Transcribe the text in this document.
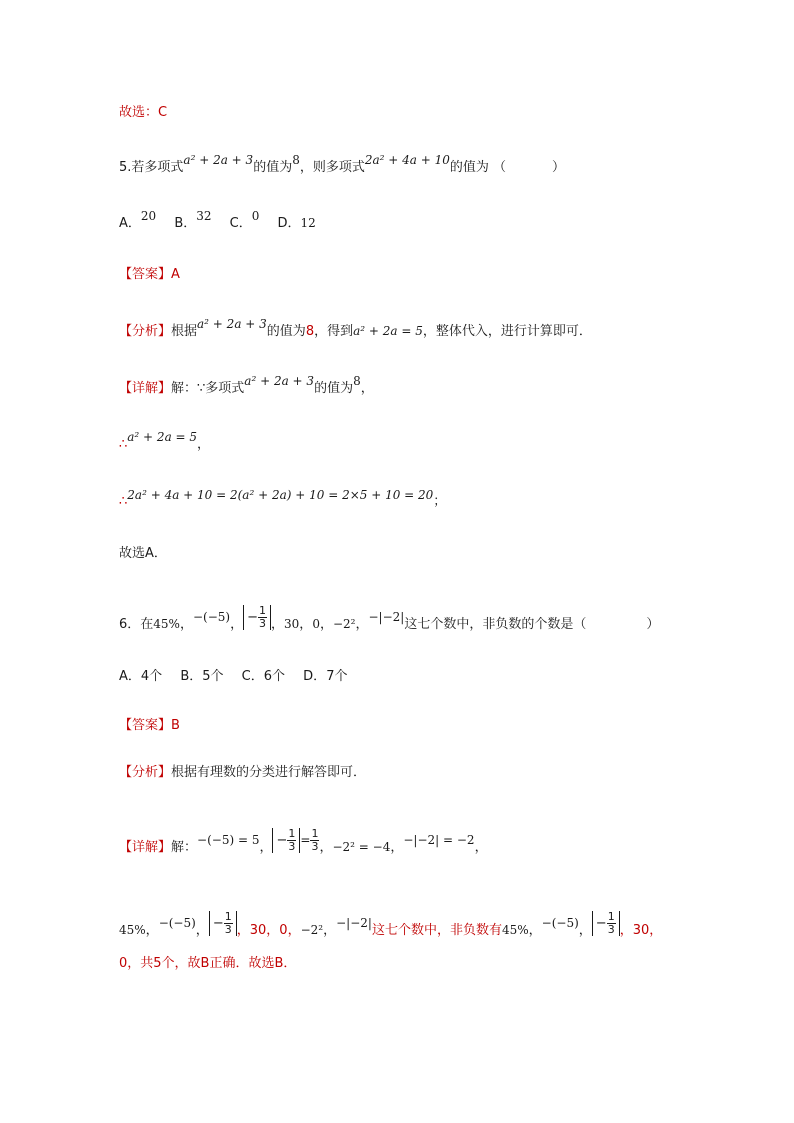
故选：C
5.若多项式a² + 2a + 3的值为8，则多项式2a² + 4a + 10的值为 （	）
A．20 B．32 C．0 D．12
【答案】A
【分析】根据a² + 2a + 3的值为8，得到a² + 2a = 5，整体代入，进行计算即可．
【详解】解：∵多项式a² + 2a + 3的值为8，
∴a² + 2a = 5，
∴2a² + 4a + 10 = 2(a² + 2a) + 10 = 2×5 + 10 = 20；
故选A．
6．在45%，−(−5)， − $\frac{1}{3}$ ，30，0，−2²，−|−2|这七个数中，非负数的个数是（	）
A．4个 B．5个 C．6个 D．7个
【答案】B
【分析】根据有理数的分类进行解答即可．
【详解】解：−(−5) = 5， − $\frac{1}{3} = \frac{1}{3}$ ，−2² = −4，−|−2| = −2，
45%，−(−5)， − $\frac{1}{3}$ ，30，0，−2²，−|−2|这七个数中，非负数有45%，−(−5)， − $\frac{1}{3}$ ，30，
0，共5个，故B正确．故选B．
